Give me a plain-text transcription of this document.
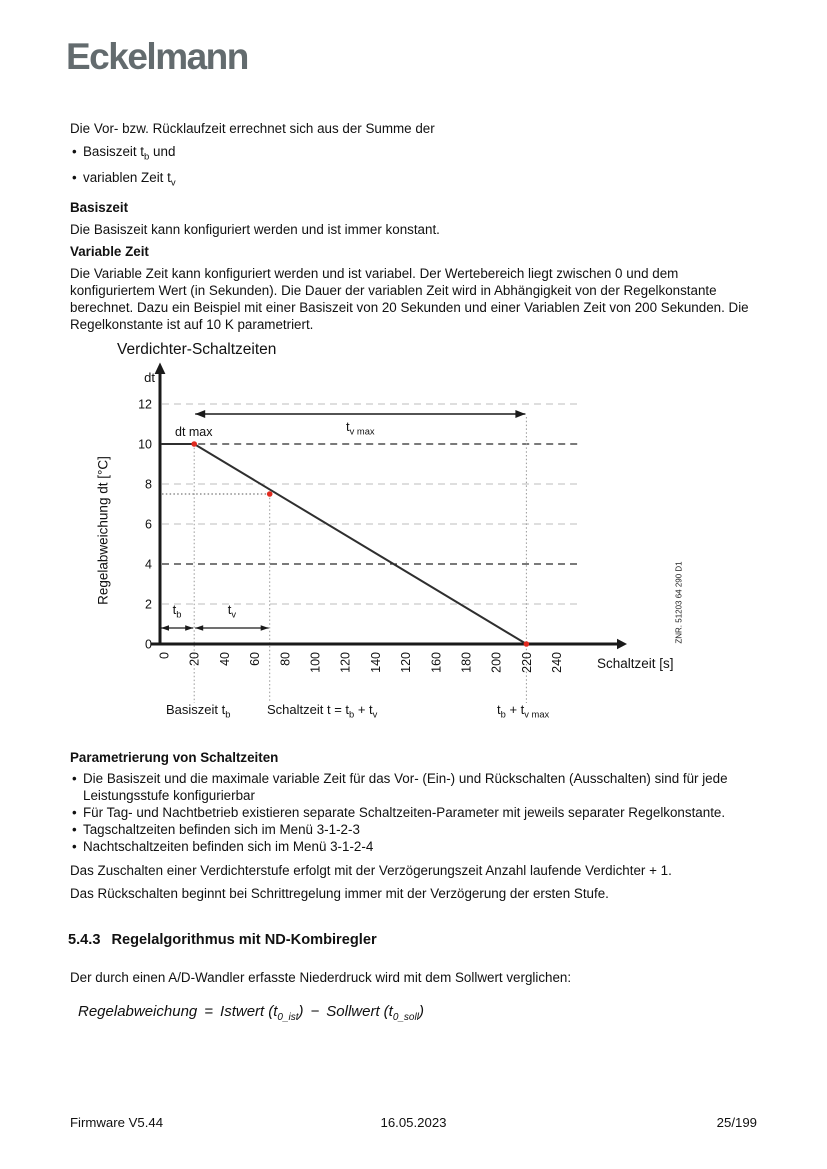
Eckelmann

Die Vor- bzw. Rücklaufzeit errechnet sich aus der Summe der

• Basiszeit $t_b$ und
• variablen Zeit $t_v$
Basiszeit

Die Basiszeit kann konfiguriert werden und ist immer konstant.

Variable Zeit

Die Variable Zeit kann konfiguriert werden und ist variabel. Der Wertebereich liegt zwischen 0 und dem konfiguriertem Wert (in Sekunden). Die Dauer der variablen Zeit wird in Abhängigkeit von der Regelkonstante berechnet. Dazu ein Beispiel mit einer Basiszeit von 20 Sekunden und einer Variablen Zeit von 200 Sekunden. Die Regelkonstante ist auf 10 K parametriert.

$t_{v max}$
$t_b$	$t_v$
0
2
4
6
8
10
12
0 20 40 60 80 100 120 140 120 160 180 200 220 240
dt
dt max
Basiszeit $t_b$	Schaltzeit $t = t_b + t_v$	$t_b + t_{v max}$
Verdichter-Schaltzeiten
Regelabweichung dt [°C]
Schaltzeit [s]
ZNR. 51203 64 290 D1
Parametrierung von Schaltzeiten
• Die Basiszeit und die maximale variable Zeit für das Vor- (Ein-) und Rückschalten (Ausschalten) sind für jede Leistungsstufe konfigurierbar
• Für Tag- und Nachtbetrieb existieren separate Schaltzeiten-Parameter mit jeweils separater Regelkonstante.
• Tagschaltzeiten befinden sich im Menü 3-1-2-3
• Nachtschaltzeiten befinden sich im Menü 3-1-2-4

Das Zuschalten einer Verdichterstufe erfolgt mit der Verzögerungszeit Anzahl laufende Verdichter + 1.

Das Rückschalten beginnt bei Schrittregelung immer mit der Verzögerung der ersten Stufe.

5.4.3 Regelalgorithmus mit ND-Kombiregler
Der durch einen A/D-Wandler erfasste Niederdruck wird mit dem Sollwert verglichen:
Regelabweichung = Istwert $(t_{0\_ist})$ − Sollwert $(t_{0\_soll})$
Firmware V5.44	16.05.2023	25/199
